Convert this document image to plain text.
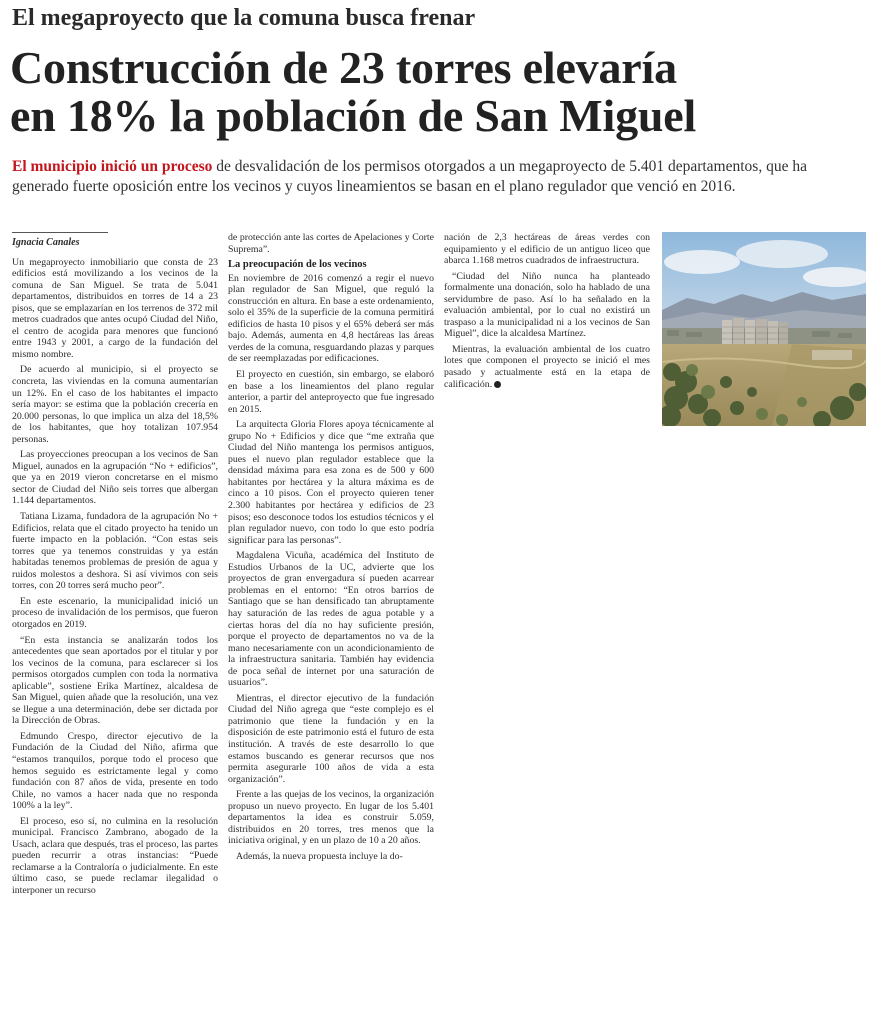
El megaproyecto que la comuna busca frenar
Construcción de 23 torres elevaría
en 18% la población de San Miguel
El municipio inició un proceso de desvalidación de los permisos otorgados a un megaproyecto de 5.401 departamentos, que ha generado fuerte oposición entre los vecinos y cuyos lineamientos se basan en el plano regulador que venció en 2016.
Ignacia Canales

Un megaproyecto inmobiliario que consta de 23 edificios está movilizando a los vecinos de la comuna de San Miguel. Se trata de 5.041 departamentos, distribuidos en torres de 14 a 23 pisos, que se emplazarían en los terrenos de 372 mil metros cuadrados que antes ocupó Ciudad del Niño, el centro de acogida para menores que funcionó entre 1943 y 2001, a cargo de la fundación del mismo nombre.

De acuerdo al municipio, si el proyecto se concreta, las viviendas en la comuna aumentarían un 12%. En el caso de los habitantes el impacto sería mayor: se estima que la población crecería en 20.000 personas, lo que implica un alza del 18,5% de los habitantes, que hoy totalizan 107.954 personas.

Las proyecciones preocupan a los vecinos de San Miguel, aunados en la agrupación “No + edificios”, que ya en 2019 vieron concretarse en el mismo sector de Ciudad del Niño seis torres que albergan 1.144 departamentos.

Tatiana Lizama, fundadora de la agrupación No + Edificios, relata que el citado proyecto ha tenido un fuerte impacto en la población. “Con estas seis torres que ya tenemos construidas y ya están habitadas tenemos problemas de presión de agua y ruidos molestos a deshora. Si así vivimos con seis torres, con 20 torres será mucho peor”.

En este escenario, la municipalidad inició un proceso de invalidación de los permisos, que fueron otorgados en 2019.

“En esta instancia se analizarán todos los antecedentes que sean aportados por el titular y por los vecinos de la comuna, para esclarecer si los permisos otorgados cumplen con toda la normativa aplicable”, sostiene Erika Martínez, alcaldesa de San Miguel, quien añade que la resolución, una vez se llegue a una determinación, debe ser dictada por la Dirección de Obras.

Edmundo Crespo, director ejecutivo de la Fundación de la Ciudad del Niño, afirma que “estamos tranquilos, porque todo el proceso que hemos seguido es estrictamente legal y como fundación con 87 años de vida, presente en todo Chile, no vamos a hacer nada que no responda 100% a la ley”.

El proceso, eso sí, no culmina en la resolución municipal. Francisco Zambrano, abogado de la Usach, aclara que después, tras el proceso, las partes pueden recurrir a otras instancias: “Puede reclamarse a la Contraloría o judicialmente. En este último caso, se puede reclamar ilegalidad o interponer un recurso

de protección ante las cortes de Apelaciones y Corte Suprema”.

La preocupación de los vecinos

En noviembre de 2016 comenzó a regir el nuevo plan regulador de San Miguel, que reguló la construcción en altura. En base a este ordenamiento, solo el 35% de la superficie de la comuna permitirá edificios de hasta 10 pisos y el 65% deberá ser más bajo. Además, aumenta en 4,8 hectáreas las áreas verdes de la comuna, resguardando plazas y parques de ser reemplazadas por edificaciones.

El proyecto en cuestión, sin embargo, se elaboró en base a los lineamientos del plano regular anterior, a partir del anteproyecto que fue ingresado en 2015.

La arquitecta Gloria Flores apoya técnicamente al grupo No + Edificios y dice que “me extraña que Ciudad del Niño mantenga los permisos antiguos, pues el nuevo plan regulador establece que la densidad máxima para esa zona es de 500 y 600 habitantes por hectárea y la altura máxima es de cinco a 10 pisos. Con el proyecto quieren tener 2.300 habitantes por hectárea y edificios de 23 pisos; eso desconoce todos los estudios técnicos y el plan regulador nuevo, con todo lo que esto podría significar para las personas”.

Magdalena Vicuña, académica del Instituto de Estudios Urbanos de la UC, advierte que los proyectos de gran envergadura sí pueden acarrear problemas en el entorno: “En otros barrios de Santiago que se han densificado tan abruptamente hay saturación de las redes de agua potable y a ciertas horas del día no hay suficiente presión, porque el proyecto de departamentos no va de la mano necesariamente con un acondicionamiento de la infraestructura sanitaria. También hay evidencia de poca señal de internet por una saturación de usuarios”.

Mientras, el director ejecutivo de la fundación Ciudad del Niño agrega que “este complejo es el patrimonio que tiene la fundación y en la disposición de este patrimonio está el futuro de esta institución. A través de este desarrollo lo que estamos buscando es generar recursos que nos permita asegurarle 100 años de vida a esta organización”.

Frente a las quejas de los vecinos, la organización propuso un nuevo proyecto. En lugar de los 5.401 departamentos la idea es construir 5.059, distribuidos en 20 torres, tres menos que la iniciativa original, y en un plazo de 10 a 20 años.

Además, la nueva propuesta incluye la do-

nación de 2,3 hectáreas de áreas verdes con equipamiento y el edificio de un antiguo liceo que abarca 1.168 metros cuadrados de infraestructura.

“Ciudad del Niño nunca ha planteado formalmente una donación, solo ha hablado de una servidumbre de paso. Así lo ha señalado en la evaluación ambiental, por lo cual no existirá un traspaso a la municipalidad ni a los vecinos de San Miguel”, dice la alcaldesa Martínez.

Mientras, la evaluación ambiental de los cuatro lotes que componen el proyecto se inició el mes pasado y actualmente está en la etapa de calificación.
